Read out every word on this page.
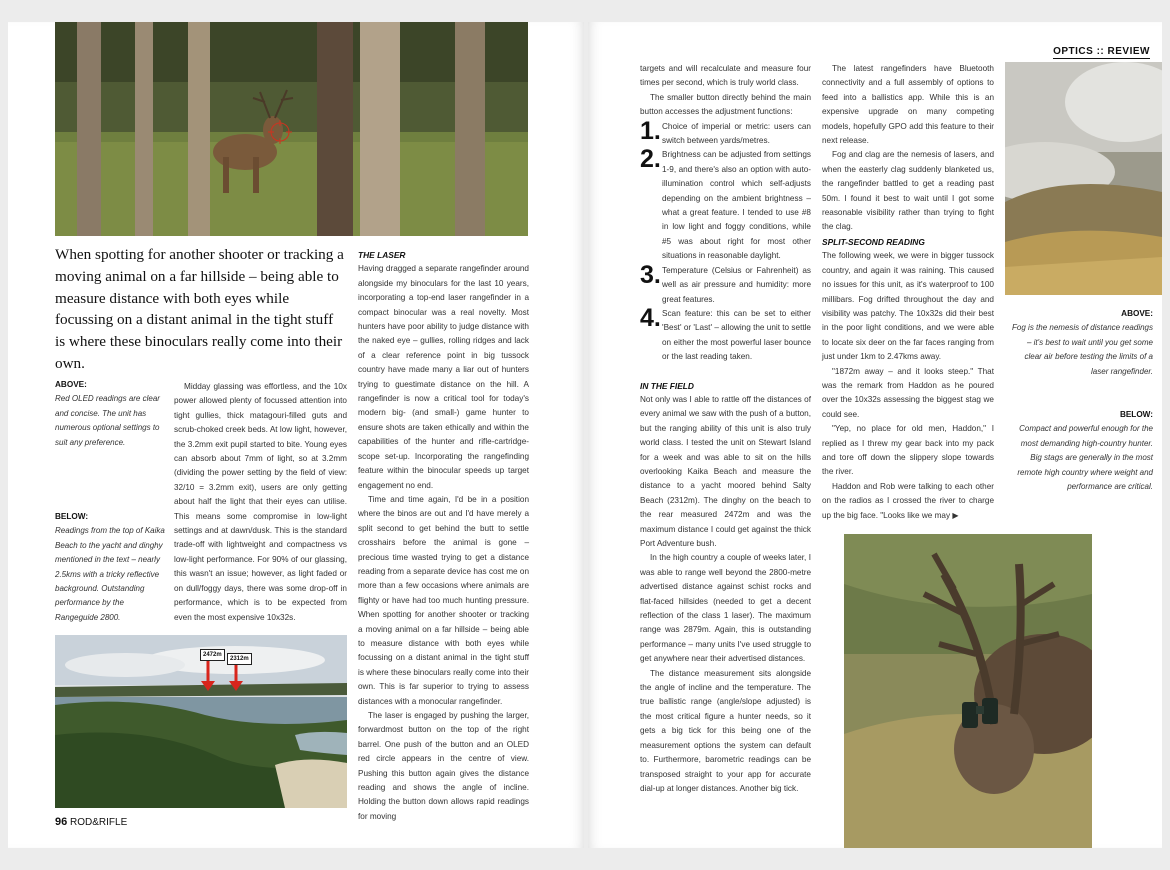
When spotting for another shooter or tracking a moving animal on a far hillside – being able to measure distance with both eyes while focussing on a distant animal in the tight stuff is where these binoculars really come into their own.
ABOVE:
Red OLED readings are clear and concise. The unit has numerous optional settings to suit any preference.
BELOW:
Readings from the top of Kaika Beach to the yacht and dinghy mentioned in the text – nearly 2.5kms with a tricky reflective background. Outstanding performance by the Rangeguide 2800.

Midday glassing was effortless, and the 10x power allowed plenty of focussed attention into tight gullies, thick matagouri-filled guts and scrub-choked creek beds. At low light, however, the 3.2mm exit pupil started to bite. Young eyes can absorb about 7mm of light, so at 3.2mm (dividing the power setting by the field of view: 32/10 = 3.2mm exit), users are only getting about half the light that their eyes can utilise. This means some compromise in low-light settings and at dawn/dusk. This is the standard trade-off with lightweight and compactness vs low-light performance. For 90% of our glassing, this wasn't an issue; however, as light faded or on dull/foggy days, there was some drop-off in performance, which is to be expected from even the most expensive 10x32s.

THE LASER

Having dragged a separate rangefinder around alongside my binoculars for the last 10 years, incorporating a top-end laser rangefinder in a compact binocular was a real novelty. Most hunters have poor ability to judge distance with the naked eye – gullies, rolling ridges and lack of a clear reference point in big tussock country have made many a liar out of hunters trying to guestimate distance on the hill. A rangefinder is now a critical tool for today's modern big- (and small-) game hunter to ensure shots are taken ethically and within the capabilities of the hunter and rifle-cartridge-scope set-up. Incorporating the rangefinding feature within the binocular speeds up target engagement no end.

Time and time again, I'd be in a position where the binos are out and I'd have merely a split second to get behind the butt to settle crosshairs before the animal is gone – precious time wasted trying to get a distance reading from a separate device has cost me on more than a few occasions where animals are flighty or have had too much hunting pressure. When spotting for another shooter or tracking a moving animal on a far hillside – being able to measure distance with both eyes while focussing on a distant animal in the tight stuff is where these binoculars really come into their own. This is far superior to trying to assess distances with a monocular rangefinder.

The laser is engaged by pushing the larger, forwardmost button on the top of the right barrel. One push of the button and an OLED red circle appears in the centre of view. Pushing this button again gives the distance reading and shows the angle of incline. Holding the button down allows rapid readings for moving

2472m
2312m
96 ROD&RIFLE

targets and will recalculate and measure four times per second, which is truly world class.

The smaller button directly behind the main button accesses the adjustment functions:

1. Choice of imperial or metric: users can switch between yards/metres.
2. Brightness can be adjusted from settings 1-9, and there's also an option with auto-illumination control which self-adjusts depending on the ambient brightness – what a great feature. I tended to use #8 in low light and foggy conditions, while #5 was about right for most other situations in reasonable daylight.
3. Temperature (Celsius or Fahrenheit) as well as air pressure and humidity: more great features.
4. Scan feature: this can be set to either 'Best' or 'Last' – allowing the unit to settle on either the most powerful laser bounce or the last reading taken.
IN THE FIELD

Not only was I able to rattle off the distances of every animal we saw with the push of a button, but the ranging ability of this unit is also truly world class. I tested the unit on Stewart Island for a week and was able to sit on the hills overlooking Kaika Beach and measure the distance to a yacht moored behind Salty Beach (2312m). The dinghy on the beach to the rear measured 2472m and was the maximum distance I could get against the thick Port Adventure bush.

In the high country a couple of weeks later, I was able to range well beyond the 2800-metre advertised distance against schist rocks and flat-faced hillsides (needed to get a decent reflection of the class 1 laser). The maximum range was 2879m. Again, this is outstanding performance – many units I've used struggle to get anywhere near their advertised distances.

The distance measurement sits alongside the angle of incline and the temperature. The true ballistic range (angle/slope adjusted) is the most critical figure a hunter needs, so it gets a big tick for this being one of the measurement options the system can default to. Furthermore, barometric readings can be transposed straight to your app for accurate dial-up at longer distances. Another big tick.

The latest rangefinders have Bluetooth connectivity and a full assembly of options to feed into a ballistics app. While this is an expensive upgrade on many competing models, hopefully GPO add this feature to their next release.

Fog and clag are the nemesis of lasers, and when the easterly clag suddenly blanketed us, the rangefinder battled to get a reading past 50m. I found it best to wait until I got some reasonable visibility rather than trying to fight the clag.

SPLIT-SECOND READING

The following week, we were in bigger tussock country, and again it was raining. This caused no issues for this unit, as it's waterproof to 100 millibars. Fog drifted throughout the day and visibility was patchy. The 10x32s did their best in the poor light conditions, and we were able to locate six deer on the far faces ranging from just under 1km to 2.47kms away.

"1872m away – and it looks steep." That was the remark from Haddon as he poured over the 10x32s assessing the biggest stag we could see.

"Yep, no place for old men, Haddon," I replied as I threw my gear back into my pack and tore off down the slippery slope towards the river.

Haddon and Rob were talking to each other on the radios as I crossed the river to charge up the big face. "Looks like we may ▶

OPTICS :: REVIEW
ABOVE:
Fog is the nemesis of distance readings – it's best to wait until you get some clear air before testing the limits of a laser rangefinder.
BELOW:
Compact and powerful enough for the most demanding high-country hunter. Big stags are generally in the most remote high country where weight and performance are critical.
